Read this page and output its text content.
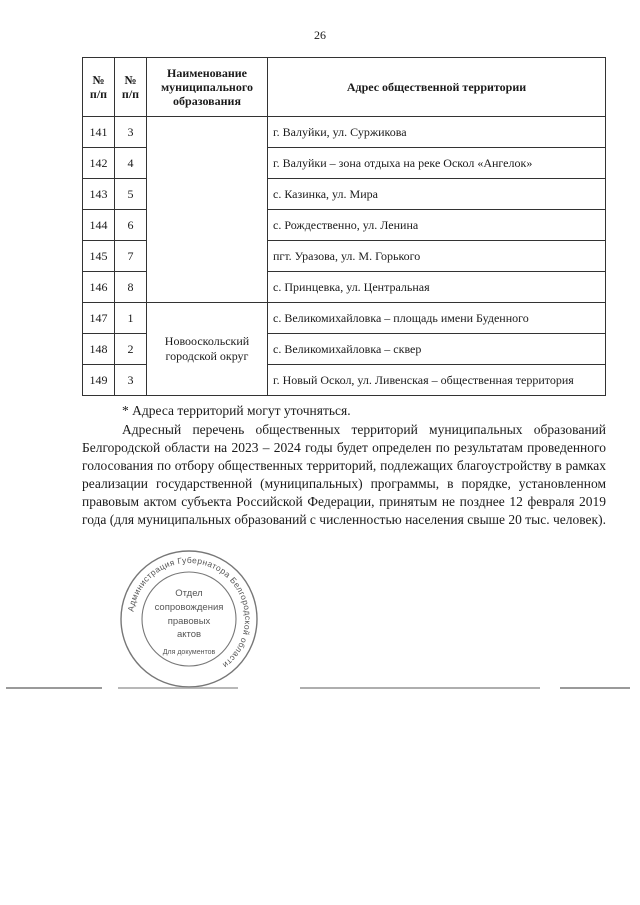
26
№ п/п	№ п/п	Наименование муниципального образования	Адрес общественной территории
141	3		г. Валуйки, ул. Суржикова
142	4		г. Валуйки – зона отдыха на реке Оскол «Ангелок»
143	5		с. Казинка, ул. Мира
144	6		с. Рождественно, ул. Ленина
145	7		пгт. Уразова, ул. М. Горького
146	8		с. Принцевка, ул. Центральная
147	1	Новооскольский городской округ	с. Великомихайловка – площадь имени Буденного
148	2		с. Великомихайловка – сквер
149	3		г. Новый Оскол, ул. Ливенская – общественная территория
* Адреса территорий могут уточняться.
Адресный перечень общественных территорий муниципальных образований Белгородской области на 2023 – 2024 годы будет определен по результатам проведенного голосования по отбору общественных территорий, подлежащих благоустройству в рамках реализации государственной (муниципальных) программы, в порядке, установленном правовым актом субъекта Российской Федерации, принятым не позднее 12 февраля 2019 года (для муниципальных образований с численностью населения свыше 20 тыс. человек).
Администрация Губернатора Белгородской области
Отдел
сопровождения
правовых
актов
Для документов
